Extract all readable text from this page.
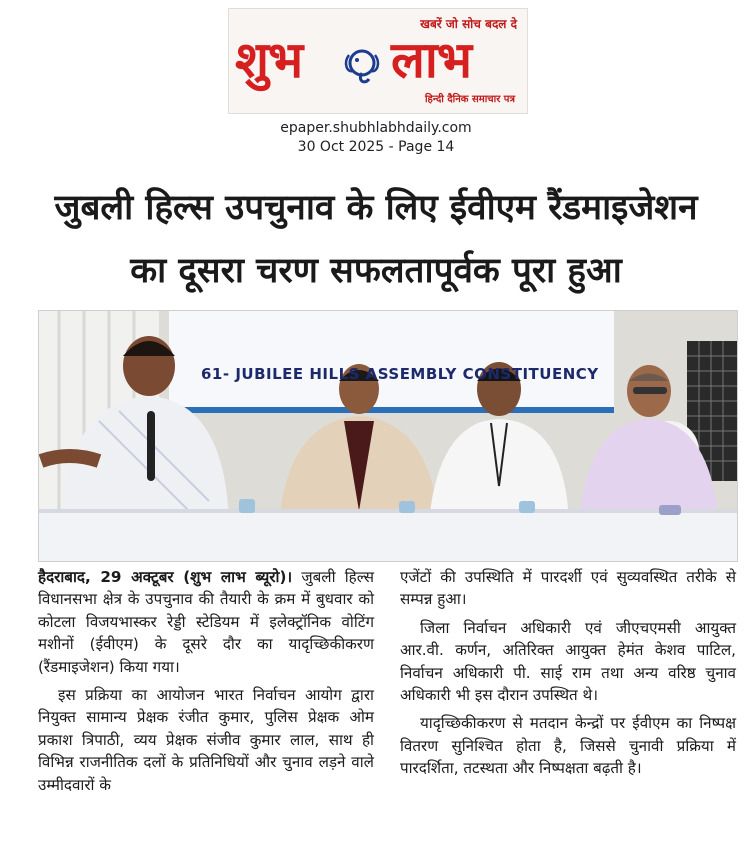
खबरें जो सोच बदल दे
शुभ लाभ
हिन्दी दैनिक समाचार पत्र
epaper.shubhlabhdaily.com
30 Oct 2025 - Page 14
जुबली हिल्स उपचुनाव के लिए ईवीएम रैंडमाइजेशन
का दूसरा चरण सफलतापूर्वक पूरा हुआ
61- JUBILEE HILLS ASSEMBLY CONSTITUENCY

हैदराबाद, 29 अक्टूबर (शुभ लाभ ब्यूरो)। जुबली हिल्स विधानसभा क्षेत्र के उपचुनाव की तैयारी के क्रम में बुधवार को कोटला विजयभास्कर रेड्डी स्टेडियम में इलेक्ट्रॉनिक वोटिंग मशीनों (ईवीएम) के दूसरे दौर का यादृच्छिकीकरण (रैंडमाइजेशन) किया गया।

इस प्रक्रिया का आयोजन भारत निर्वाचन आयोग द्वारा नियुक्त सामान्य प्रेक्षक रंजीत कुमार, पुलिस प्रेक्षक ओम प्रकाश त्रिपाठी, व्यय प्रेक्षक संजीव कुमार लाल, साथ ही विभिन्न राजनीतिक दलों के प्रतिनिधियों और चुनाव लड़ने वाले उम्मीदवारों के

एजेंटों की उपस्थिति में पारदर्शी एवं सुव्यवस्थित तरीके से सम्पन्न हुआ।

जिला निर्वाचन अधिकारी एवं जीएचएमसी आयुक्त आर.वी. कर्णन, अतिरिक्त आयुक्त हेमंत केशव पाटिल, निर्वाचन अधिकारी पी. साई राम तथा अन्य वरिष्ठ चुनाव अधिकारी भी इस दौरान उपस्थित थे।

यादृच्छिकीकरण से मतदान केन्द्रों पर ईवीएम का निष्पक्ष वितरण सुनिश्चित होता है, जिससे चुनावी प्रक्रिया में पारदर्शिता, तटस्थता और निष्पक्षता बढ़ती है।
